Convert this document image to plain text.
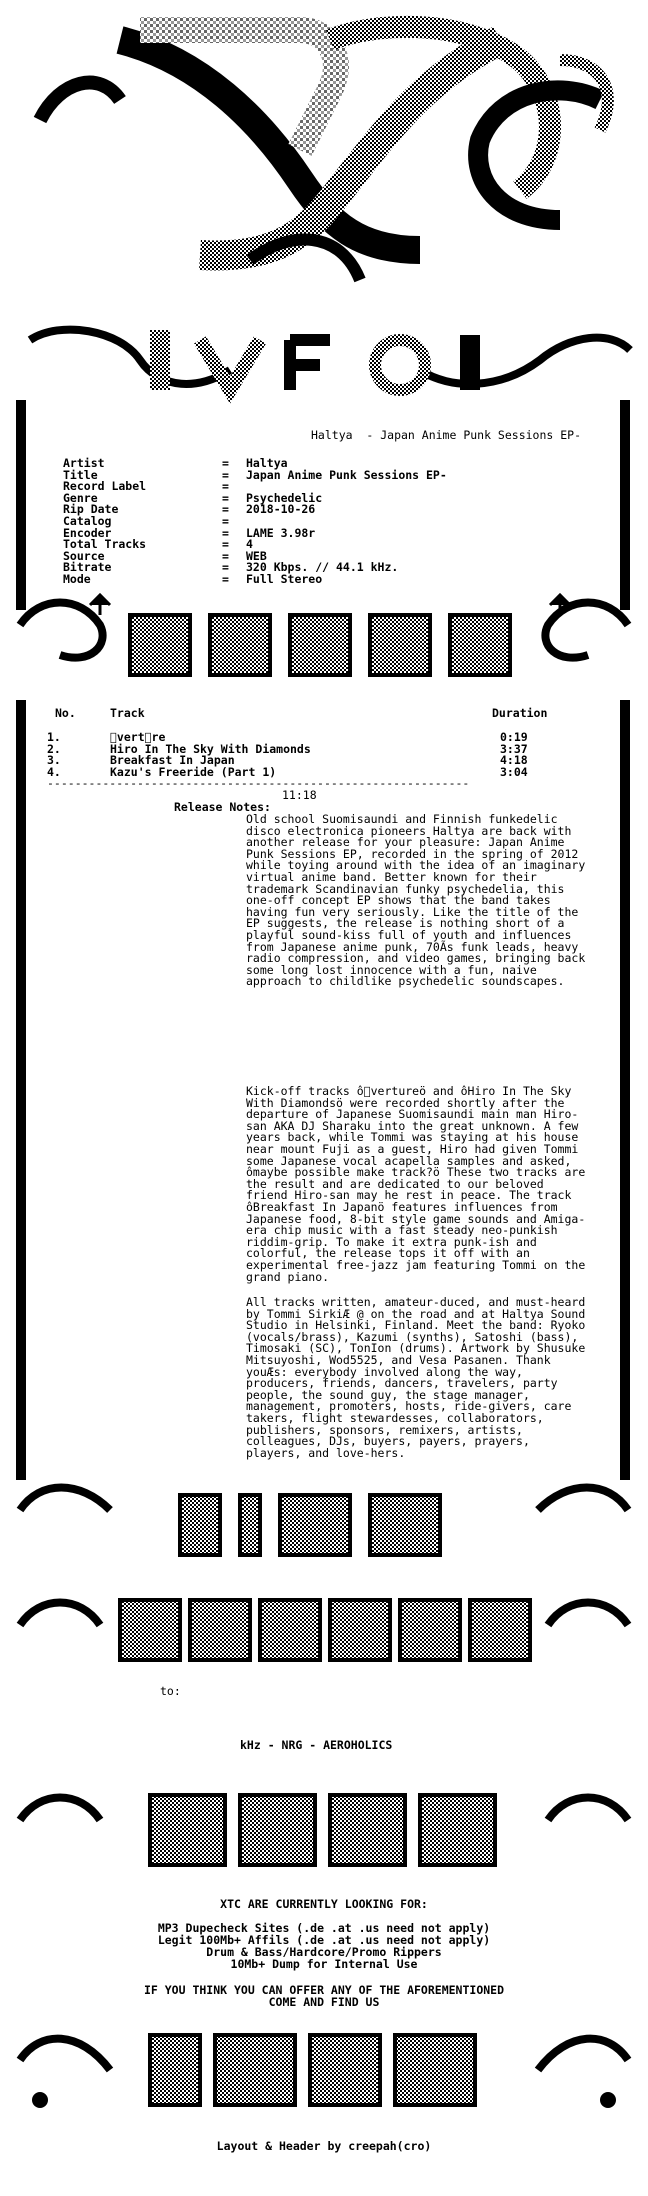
Haltya  - Japan Anime Punk Sessions EP-
Artist	= Haltya
Title	= Japan Anime Punk Sessions EP-
Record Label	=
Genre	= Psychedelic
Rip Date	= 2018-10-26
Catalog	=
Encoder	= LAME 3.98r
Total Tracks	= 4
Source	= WEB
Bitrate	= 320 Kbps. // 44.1 kHz.
Mode	= Full Stereo
No.	Track	Duration
1.	￿vert￿re	0:19
2.	Hiro In The Sky With Diamonds	3:37
3.	Breakfast In Japan	4:18
4.	Kazu's Freeride (Part 1)	3:04
-------------------------------------------------------------
11:18
Release Notes:
Old school Suomisaundi and Finnish funkedelic disco electronica pioneers Haltya are back with another release for your pleasure: Japan Anime Punk Sessions EP, recorded in the spring of 2012 while toying around with the idea of an imaginary virtual anime band. Better known for their trademark Scandinavian funky psychedelia, this one-off concept EP shows that the band takes having fun very seriously. Like the title of the EP suggests, the release is nothing short of a playful sound-kiss full of youth and influences from Japanese anime punk, 70Ãs funk leads, heavy radio compression, and video games, bringing back some long lost innocence with a fun, naive approach to childlike psychedelic soundscapes.
Kick-off tracks ô￿vertureö and ôHiro In The Sky With Diamondsö were recorded shortly after the departure of Japanese Suomisaundi main man Hiro-san AKA DJ Sharaku into the great unknown. A few years back, while Tommi was staying at his house near mount Fuji as a guest, Hiro had given Tommi some Japanese vocal acapella samples and asked, ômaybe possible make track?ö These two tracks are the result and are dedicated to our beloved friend Hiro-san may he rest in peace. The track ôBreakfast In Japanö features influences from Japanese food, 8-bit style game sounds and Amiga-era chip music with a fast steady neo-punkish riddim-grip. To make it extra punk-ish and colorful, the release tops it off with an experimental free-jazz jam featuring Tommi on the grand piano.
All tracks written, amateur-duced, and must-heard by Tommi SirkiÆ @ on the road and at Haltya Sound Studio in Helsinki, Finland. Meet the band: Ryoko (vocals/brass), Kazumi (synths), Satoshi (bass), Timosaki (SC), TonIon (drums). Artwork by Shusuke Mitsuyoshi, Wod5525, and Vesa Pasanen. Thank youÆs: everybody involved along the way, producers, friends, dancers, travelers, party people, the sound guy, the stage manager, management, promoters, hosts, ride-givers, care takers, flight stewardesses, collaborators, publishers, sponsors, remixers, artists, colleagues, DJs, buyers, payers, prayers, players, and love-hers.
to:
kHz - NRG - AEROHOLICS
XTC ARE CURRENTLY LOOKING FOR:
MP3 Dupecheck Sites (.de .at .us need not apply)
Legit 100Mb+ Affils (.de .at .us need not apply)
Drum & Bass/Hardcore/Promo Rippers
10Mb+ Dump for Internal Use
IF YOU THINK YOU CAN OFFER ANY OF THE AFOREMENTIONED
COME AND FIND US
Layout & Header by creepah(cro)
